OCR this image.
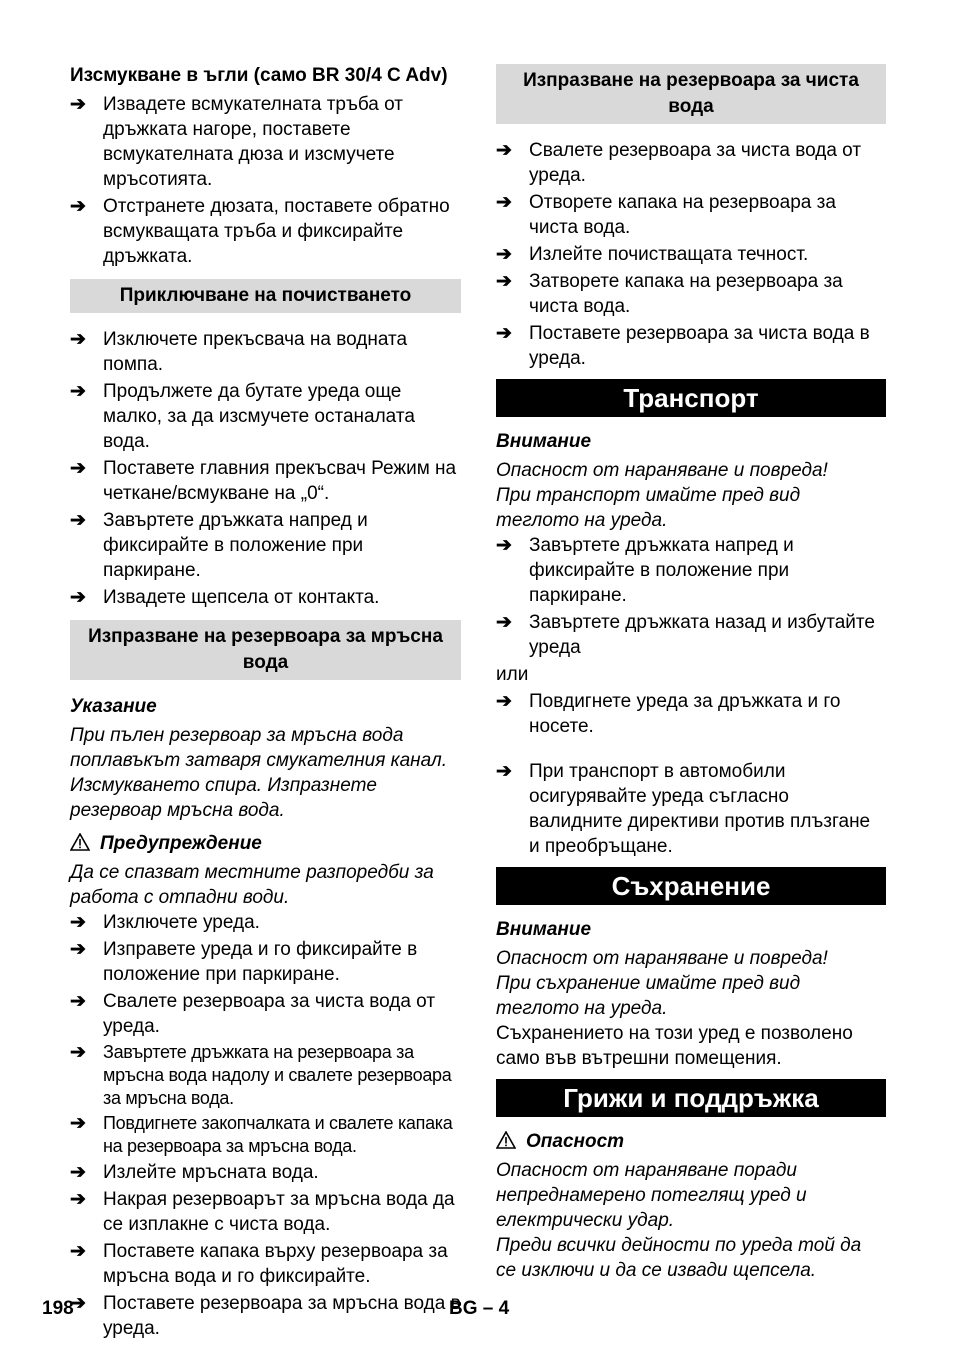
Изсмукване в ъгли (само BR 30/4 C Adv)
➔ Извадете всмукателната тръба от дръжката нагоре, поставете всмукателната дюза и изсмучете мръсотията.
➔ Отстранете дюзата, поставете обратно всмукващата тръба и фиксирайте дръжката.
Приключване на почистването
➔ Изключете прекъсвача на водната помпа.
➔ Продължете да бутате уреда още малко, за да изсмучете останалата вода.
➔ Поставете главния прекъсвач Режим на четкане/всмукване на „0“.
➔ Завъртете дръжката напред и фиксирайте в положение при паркиране.
➔ Извадете щепсела от контакта.
Изпразване на резервоара за мръсна вода
Указание

При пълен резервоар за мръсна вода поплавъкът затваря смукателния канал. Изсмукването спира. Изпразнете резервоар мръсна вода.

Предупреждение

Да се спазват местните разпоредби за работа с отпадни води.

➔ Изключете уреда.
➔ Изправете уреда и го фиксирайте в положение при паркиране.
➔ Свалете резервоара за чиста вода от уреда.
➔ Завъртете дръжката на резервоара за мръсна вода надолу и свалете резервоара за мръсна вода.
➔ Повдигнете закопчалката и свалете капака на резервоара за мръсна вода.
➔ Излейте мръсната вода.
➔ Накрая резервоарът за мръсна вода да се изплакне с чиста вода.
➔ Поставете капака върху резервоара за мръсна вода и го фиксирайте.
➔ Поставете резервоара за мръсна вода в уреда.
Изпразване на резервоара за чиста вода
➔ Свалете резервоара за чиста вода от уреда.
➔ Отворете капака на резервоара за чиста вода.
➔ Излейте почистващата течност.
➔ Затворете капака на резервоара за чиста вода.
➔ Поставете резервоара за чиста вода в уреда.
Транспорт
Внимание

Опасност от нараняване и повреда!

При транспорт имайте пред вид теглото на уреда.

➔ Завъртете дръжката напред и фиксирайте в положение при паркиране.
➔ Завъртете дръжката назад и избутайте уреда

или

➔ Повдигнете уреда за дръжката и го носете.
➔ При транспорт в автомобили осигурявайте уреда съгласно валидните директиви против плъзгане и преобръщане.
Съхранение
Внимание

Опасност от нараняване и повреда!

При съхранение имайте пред вид теглото на уреда.

Съхранението на този уред е позволено само във вътрешни помещения.

Грижи и поддръжка
Опасност

Опасност от нараняване поради непреднамерено потеглящ уред и електрически удар.

Преди всички дейности по уреда той да се изключи и да се извади щепсела.

198	BG – 4
